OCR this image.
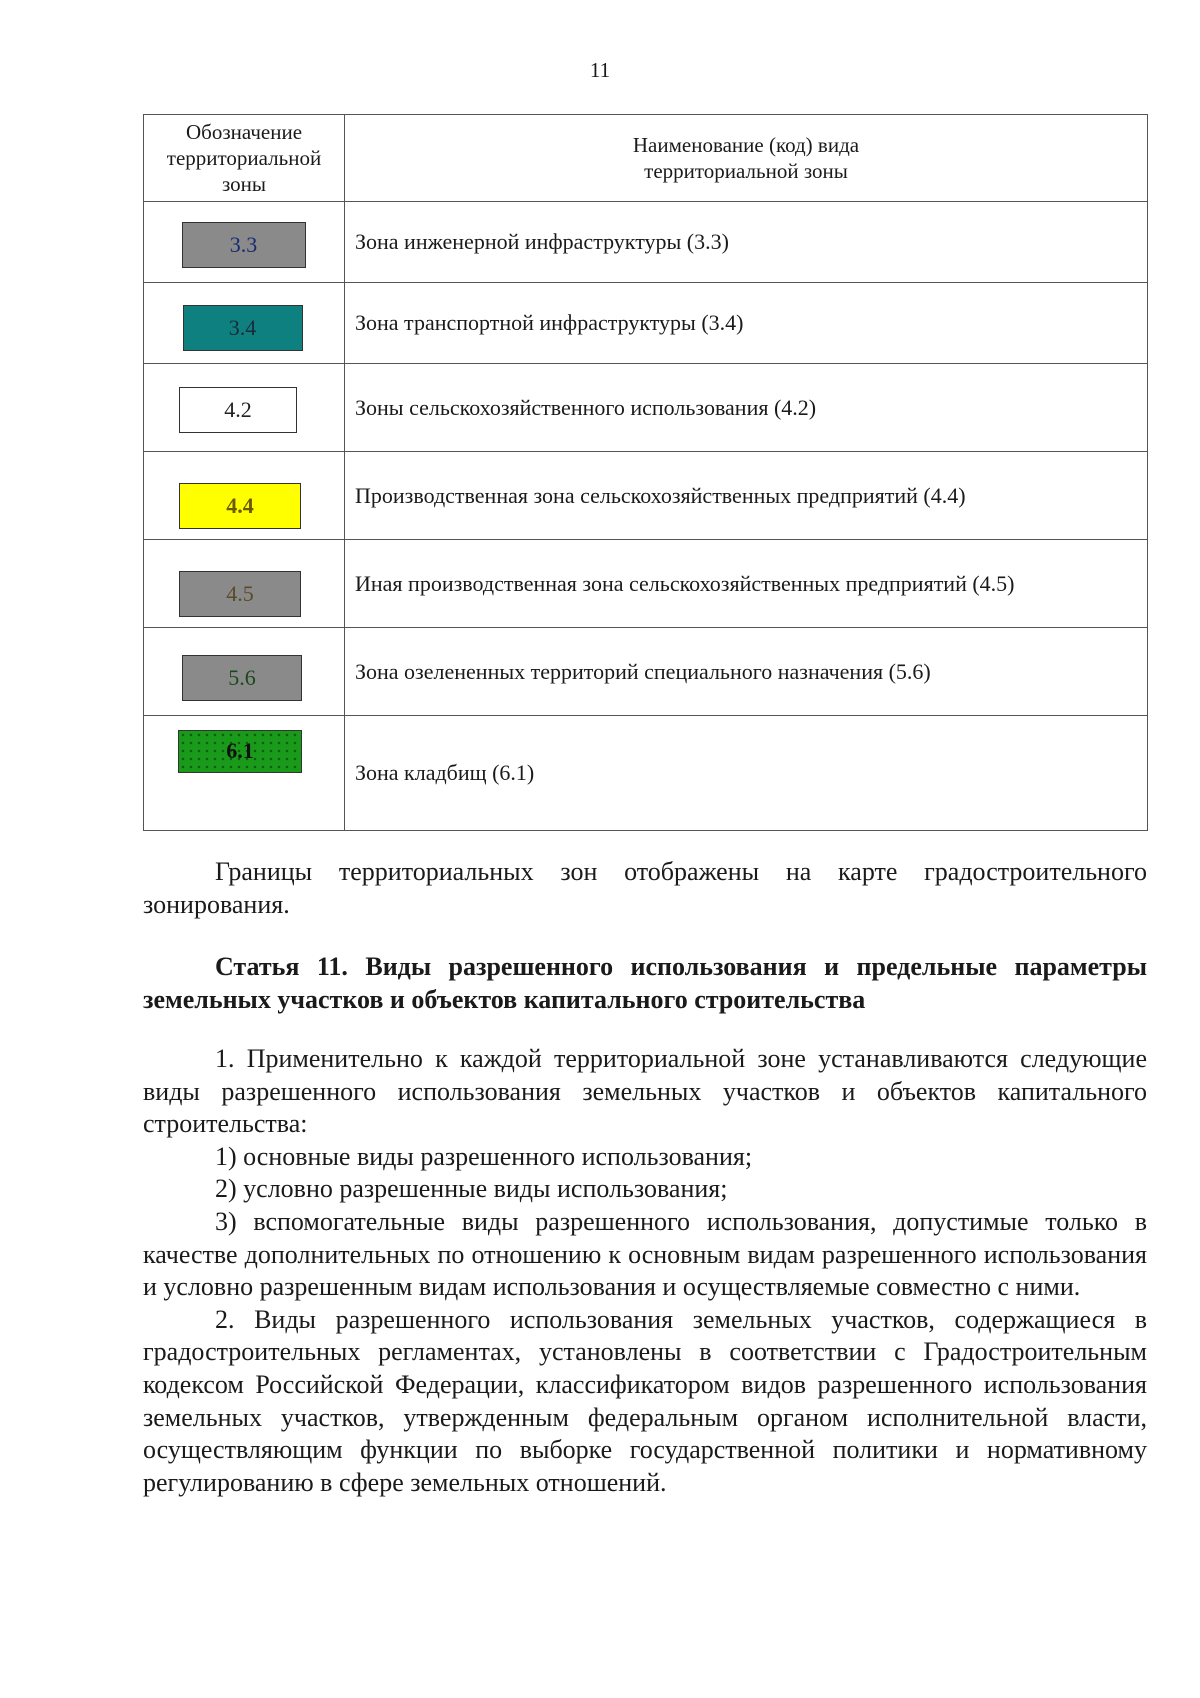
11
Обозначение территориальной зоны	Наименование (код) вида территориальной зоны

3.3	Зона инженерной инфраструктуры (3.3)
3.4	Зона транспортной инфраструктуры (3.4)
4.2	Зоны сельскохозяйственного использования (4.2)
4.4	Производственная зона сельскохозяйственных предприятий (4.4)
4.5	Иная производственная зона сельскохозяйственных предприятий (4.5)
5.6	Зона озелененных территорий специального назначения (5.6)
6.1	Зона кладбищ (6.1)

Границы территориальных зон отображены на карте градостроительного зонирования.

Статья 11. Виды разрешенного использования и предельные параметры земельных участков и объектов капитального строительства

1. Применительно к каждой территориальной зоне устанавливаются следующие виды разрешенного использования земельных участков и объектов капитального строительства:

1) основные виды разрешенного использования;

2) условно разрешенные виды использования;

3) вспомогательные виды разрешенного использования, допустимые только в качестве дополнительных по отношению к основным видам разрешенного использования и условно разрешенным видам использования и осуществляемые совместно с ними.

2. Виды разрешенного использования земельных участков, содержащиеся в градостроительных регламентах, установлены в соответствии с Градостроительным кодексом Российской Федерации, классификатором видов разрешенного использования земельных участков, утвержденным федеральным органом исполнительной власти, осуществляющим функции по выборке государственной политики и нормативному регулированию в сфере земельных отношений.
